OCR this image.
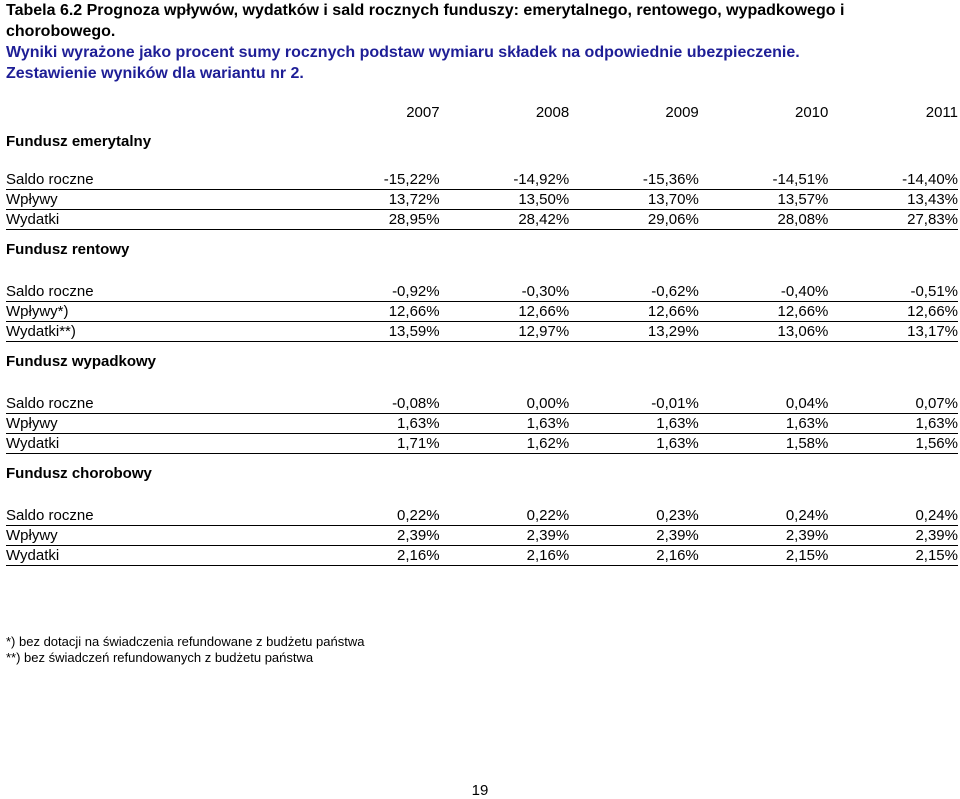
Tabela 6.2 Prognoza wpływów, wydatków i sald rocznych funduszy: emerytalnego, rentowego, wypadkowego i chorobowego.
Wyniki wyrażone jako procent sumy rocznych podstaw wymiaru składek na odpowiednie ubezpieczenie.
Zestawienie wyników dla wariantu nr 2.
	2007	2008	2009	2010	2011
Fundusz emerytalny					

Saldo roczne	-15,22%	-14,92%	-15,36%	-14,51%	-14,40%
Wpływy	13,72%	13,50%	13,70%	13,57%	13,43%
Wydatki	28,95%	28,42%	29,06%	28,08%	27,83%
Fundusz rentowy					

Saldo roczne	-0,92%	-0,30%	-0,62%	-0,40%	-0,51%
Wpływy*)	12,66%	12,66%	12,66%	12,66%	12,66%
Wydatki**)	13,59%	12,97%	13,29%	13,06%	13,17%
Fundusz wypadkowy					

Saldo roczne	-0,08%	0,00%	-0,01%	0,04%	0,07%
Wpływy	1,63%	1,63%	1,63%	1,63%	1,63%
Wydatki	1,71%	1,62%	1,63%	1,58%	1,56%
Fundusz chorobowy					

Saldo roczne	0,22%	0,22%	0,23%	0,24%	0,24%
Wpływy	2,39%	2,39%	2,39%	2,39%	2,39%
Wydatki	2,16%	2,16%	2,16%	2,15%	2,15%
*) bez dotacji na świadczenia refundowane z budżetu państwa
**) bez świadczeń refundowanych z budżetu państwa
19
